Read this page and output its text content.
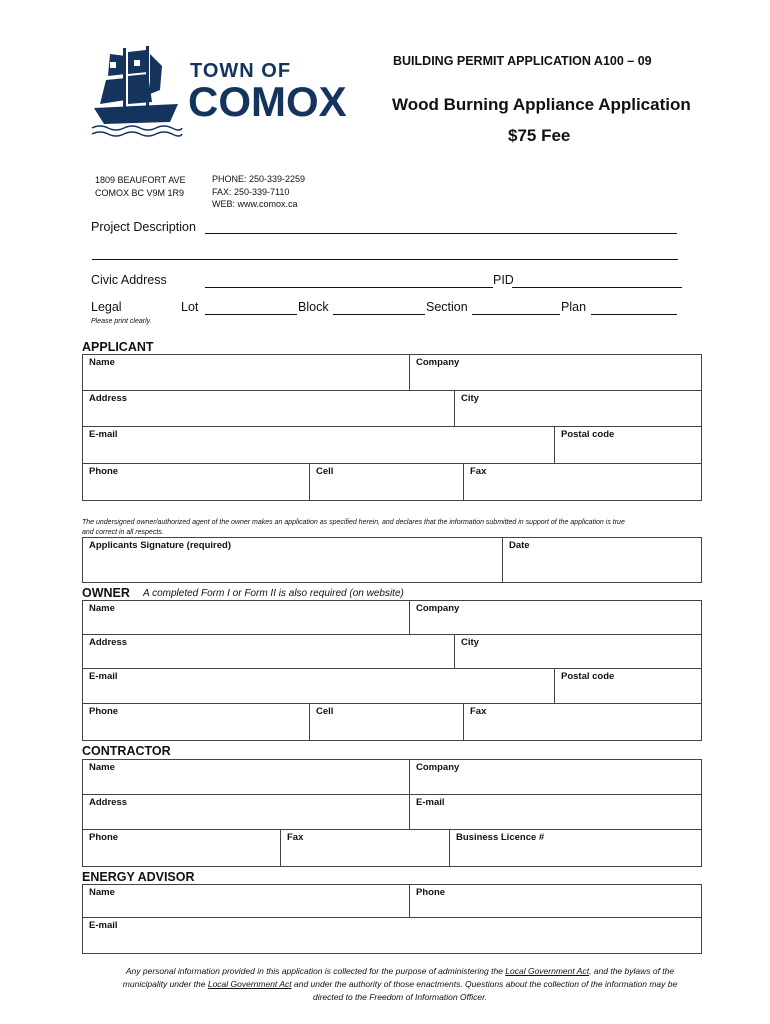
TOWN OF
COMOX
BUILDING PERMIT APPLICATION A100 – 09
Wood Burning Appliance Application
$75 Fee
1809 BEAUFORT AVE
COMOX BC V9M 1R9
PHONE: 250-339-2259
FAX: 250-339-7110
WEB: www.comox.ca
Project Description
Civic Address	PID
Legal	Lot	Block	Section	Plan
Please print clearly.
APPLICANT
Name	Company
Address	City
E-mail	Postal code
Phone	Cell	Fax
The undersigned owner/authorized agent of the owner makes an application as specified herein, and declares that the information submitted in support of the application is true
and correct in all respects.
Applicants Signature (required)	Date
OWNER A completed Form I or Form II is also required (on website)
Name	Company
Address	City
E-mail	Postal code
Phone	Cell	Fax
CONTRACTOR
Name	Company
Address	E-mail
Phone	Fax	Business Licence #
ENERGY ADVISOR
Name	Phone
E-mail
Any personal information provided in this application is collected for the purpose of administering the Local Government Act, and the bylaws of the
municipality under the Local Government Act and under the authority of those enactments. Questions about the collection of the information may be
directed to the Freedom of Information Officer.
